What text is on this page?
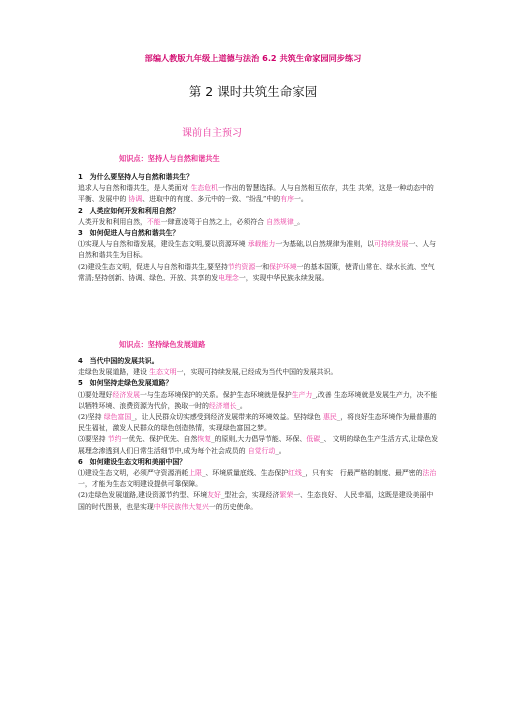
部编人教版九年级上道德与法治 6.2 共筑生命家园同步练习
第 2 课时共筑生命家园
课前自主预习
知识点：坚持人与自然和谐共生

1　为什么要坚持人与自然和谐共生？

追求人与自然和谐共生，是人类面对 生态危机一作出的智慧选择。人与自然相互依存，共生 共荣，这是一种动态中的平衡、发展中的 协调、进取中的有度、多元中的一致、“纷乱”中的有序一。

2　人类应如何开发和利用自然？

人类开发和利用自然，不能一肆意凌驾于自然之上，必须符合 自然规律_。

3　如何促进人与自然和谐共生？

⑴实现人与自然和谐发展，建设生态文明,要以资源环境 承载能力一为基础,以自然规律为准则，以可持续发展一、人与自然和谐共生为目标。

(2)建设生态文明，促进人与自然和谐共生,要坚持节约资源一和保护环境一的基本国策，使青山常在、绿水长流、空气常清;坚持创新、协调、绿色、开放、共享的发电理念一，实现中华民族永续发展。

知识点：坚持绿色发展道路

4　当代中国的发展共识。

走绿色发展道路，建设 生态文明一，实现可持续发展,已经成为当代中国的发展共识。

5　如何坚持走绿色发展道路？

⑴要处理好经济发展一与生态环境保护的关系。保护生态环境就是保护生产力_,改善 生态环境就是发展生产力，决不能以牺牲环境、浪费资源为代价，换取一时的经济增长_。

(2)坚持 绿色富国_，让人民群众切实感受到经济发展带来的环境效益。坚持绿色 惠民_，将良好生态环境作为最普惠的民生福祉，激发人民群众的绿色创造热情，实现绿色富国之梦。

⑶要坚持 节约一优先、保护优先、自然恢复_的原则,大力倡导节能、环保、低碳_、 文明的绿色生产生活方式,让绿色发展理念渗透到人们日常生活细节中,成为每个社会成员的 自觉行动_。

6　如何建设生态文明和美丽中国？

⑴建设生态文明，必须严守资源消耗上限_、环境质量底线、生态保护红线_，只有实　行最严格的制度、最严密的法治一，才能为生态文明建设提供可靠保障。

(2)走绿色发展道路,建设资源节约型、环境友好_型社会，实现经济繁荣一、生态良好、 人民幸福，这既是建设美丽中国的时代图景，也是实现中华民族伟大复兴一的历史使命。
